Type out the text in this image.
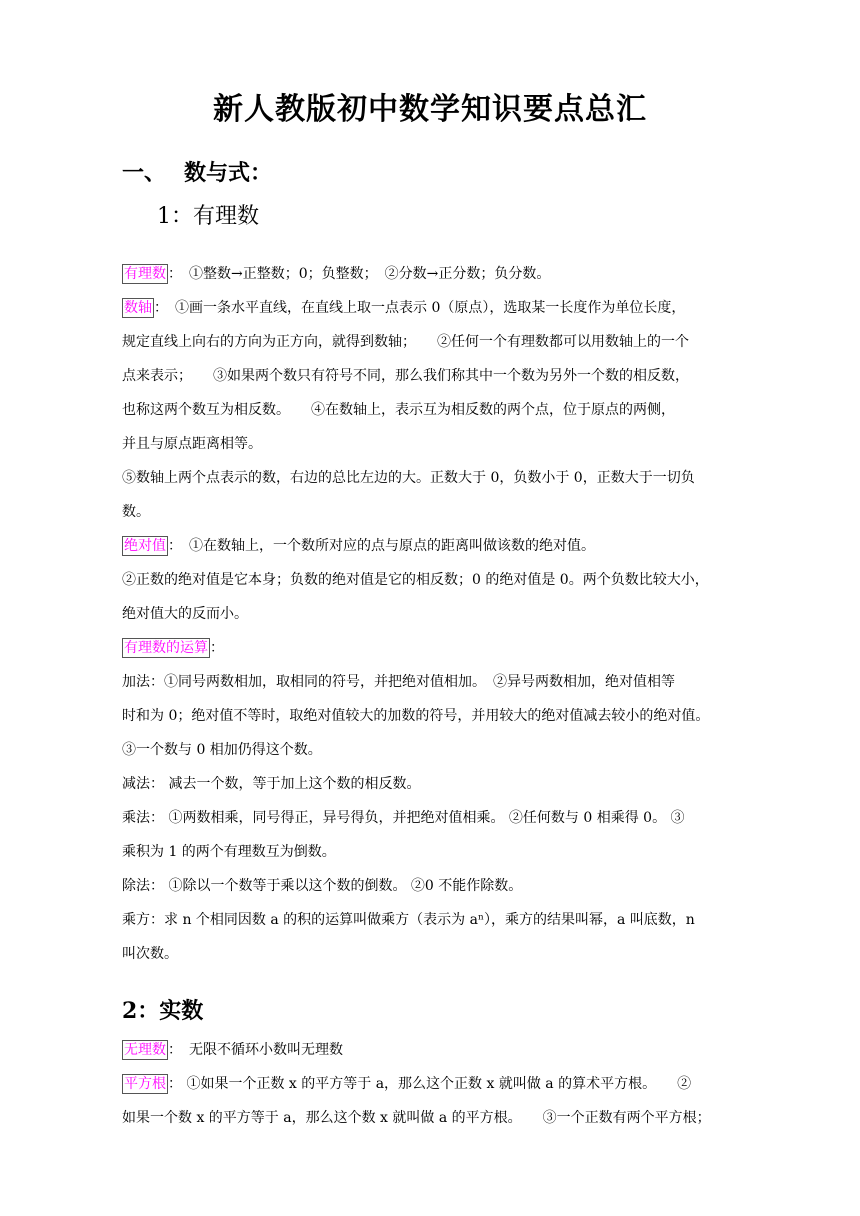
新人教版初中数学知识要点总汇
一、 数与式：
1：有理数

有理数 ：　①整数→正整数；0；负整数；　②分数→正分数；负分数。

数轴 ：　①画一条水平直线，在直线上取一点表示 0（原点），选取某一长度作为单位长度，
规定直线上向右的方向为正方向，就得到数轴；　　②任何一个有理数都可以用数轴上的一个
点来表示；　　③如果两个数只有符号不同，那么我们称其中一个数为另外一个数的相反数，
也称这两个数互为相反数。　　④在数轴上，表示互为相反数的两个点，位于原点的两侧，
并且与原点距离相等。

⑤数轴上两个点表示的数，右边的总比左边的大。正数大于 0，负数小于 0，正数大于一切负
数。

绝对值 ：　①在数轴上，一个数所对应的点与原点的距离叫做该数的绝对值。

②正数的绝对值是它本身；负数的绝对值是它的相反数；0 的绝对值是 0。两个负数比较大小，
绝对值大的反而小。

有理数的运算 ：

加法：①同号两数相加，取相同的符号，并把绝对值相加。　②异号两数相加，绝对值相等
时和为 0；绝对值不等时，取绝对值较大的加数的符号，并用较大的绝对值减去较小的绝对值。
③一个数与 0 相加仍得这个数。

减法： 减去一个数，等于加上这个数的相反数。

乘法： ①两数相乘，同号得正，异号得负，并把绝对值相乘。 ②任何数与 0 相乘得 0。 ③
乘积为 1 的两个有理数互为倒数。

除法： ①除以一个数等于乘以这个数的倒数。 ②0 不能作除数。

乘方：求 n 个相同因数 a 的积的运算叫做乘方（表示为 aⁿ），乘方的结果叫幂，a 叫底数，n
叫次数。

2：实数

无理数 ：　无限不循环小数叫无理数

平方根 ： ①如果一个正数 x 的平方等于 a，那么这个正数 x 就叫做 a 的算术平方根。　　②
如果一个数 x 的平方等于 a，那么这个数 x 就叫做 a 的平方根。　　③一个正数有两个平方根；
